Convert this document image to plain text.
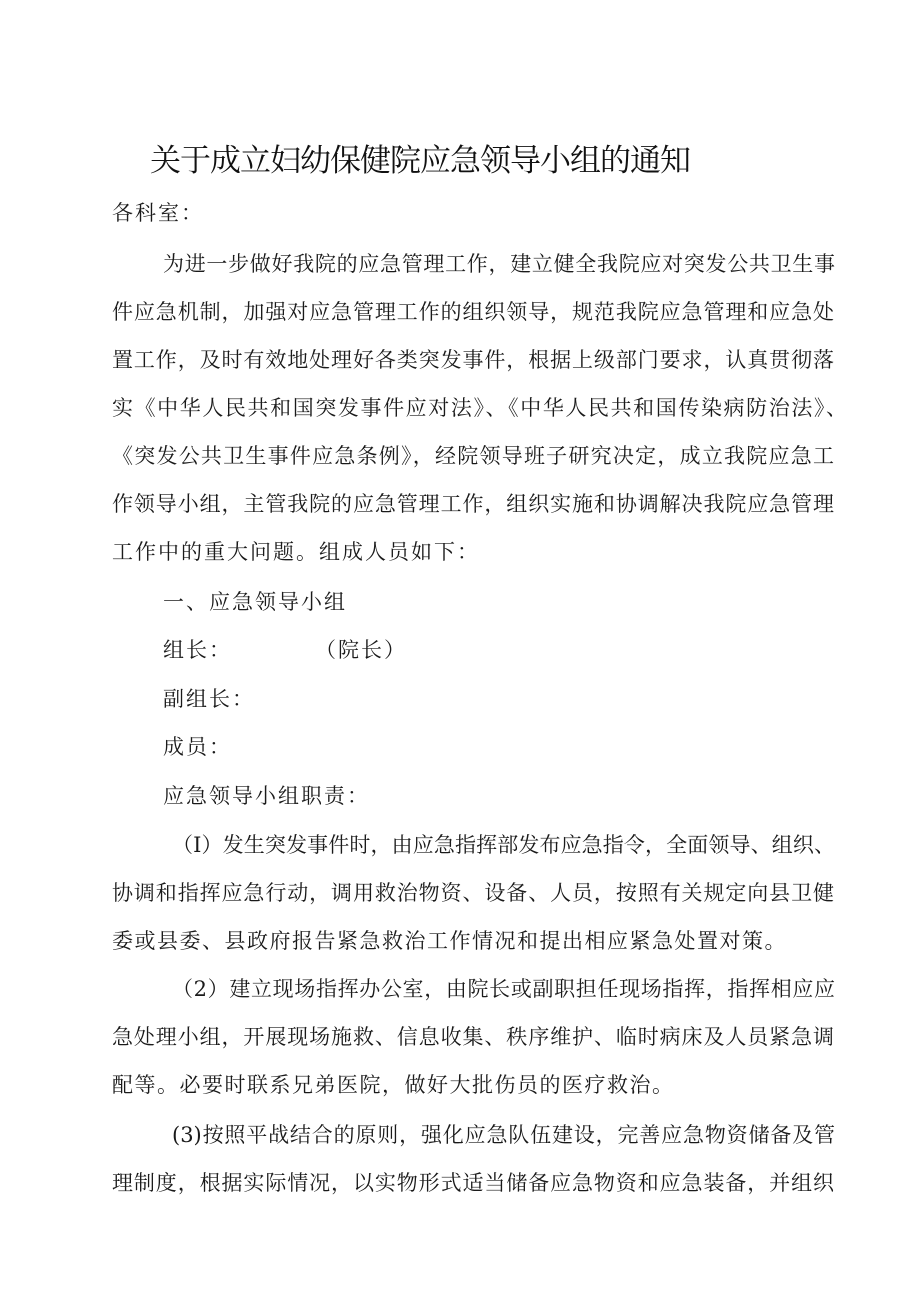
关于成立妇幼保健院应急领导小组的通知
各科室：
为进一步做好我院的应急管理工作，建立健全我院应对突发公共卫生事
件应急机制，加强对应急管理工作的组织领导，规范我院应急管理和应急处
置工作，及时有效地处理好各类突发事件，根据上级部门要求，认真贯彻落
实《中华人民共和国突发事件应对法》、《中华人民共和国传染病防治法》、
《突发公共卫生事件应急条例》，经院领导班子研究决定，成立我院应急工
作领导小组，主管我院的应急管理工作，组织实施和协调解决我院应急管理
工作中的重大问题。组成人员如下：
一、应急领导小组
组长：	（院长）
副组长：
成员：
应急领导小组职责：
（I）发生突发事件时，由应急指挥部发布应急指令，全面领导、组织、
协调和指挥应急行动，调用救治物资、设备、人员，按照有关规定向县卫健
委或县委、县政府报告紧急救治工作情况和提出相应紧急处置对策。
（2）建立现场指挥办公室，由院长或副职担任现场指挥，指挥相应应
急处理小组，开展现场施救、信息收集、秩序维护、临时病床及人员紧急调
配等。必要时联系兄弟医院，做好大批伤员的医疗救治。
(3)按照平战结合的原则，强化应急队伍建设，完善应急物资储备及管
理制度，根据实际情况，以实物形式适当储备应急物资和应急装备，并组织
